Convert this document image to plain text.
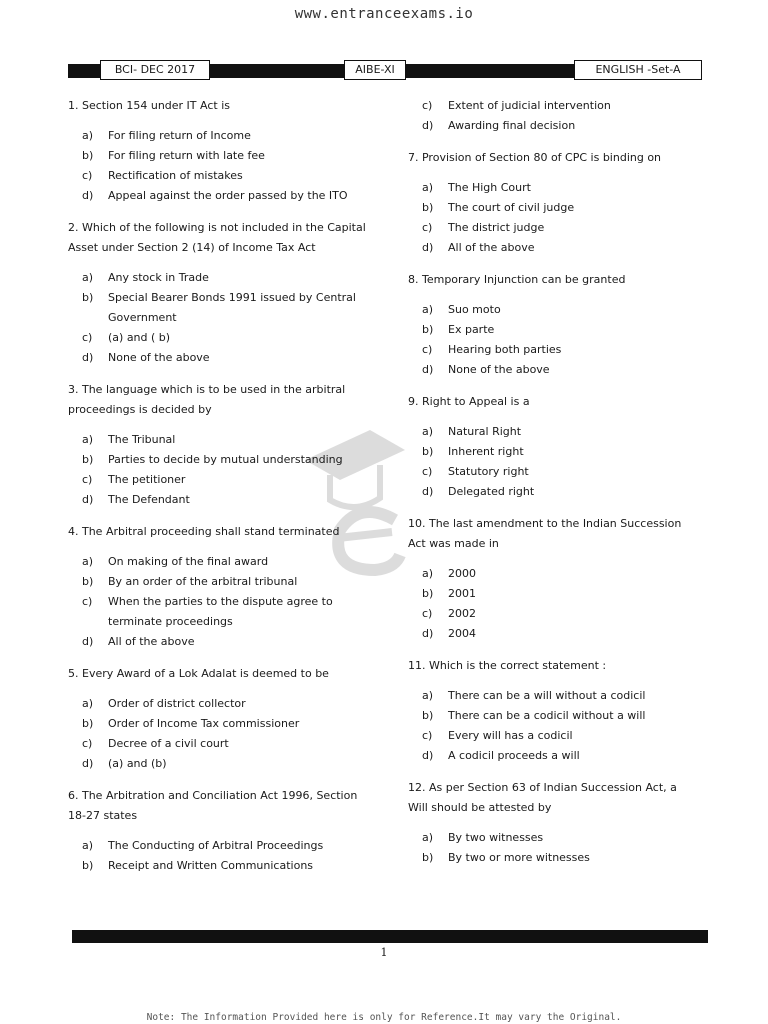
www.entranceexams.io
BCI- DEC 2017	AIBE-XI	ENGLISH -Set-A
1. Section 154 under IT Act is
a)	For filing return of Income
b)	For filing return with late fee
c)	Rectification of mistakes
d)	Appeal against the order passed by the ITO
2. Which of the following is not included in the Capital Asset under Section 2 (14) of Income Tax Act
a)	Any stock in Trade
b)	Special Bearer Bonds 1991 issued by Central Government
c)	(a) and ( b)
d)	None of the above
3. The language which is to be used in the arbitral proceedings is decided by
a)	The Tribunal
b)	Parties to decide by mutual understanding
c)	The petitioner
d)	The Defendant
4. The Arbitral proceeding shall stand terminated
a)	On making of the final award
b)	By an order of the arbitral tribunal
c)	When the parties to the dispute agree to terminate proceedings
d)	All of the above
5. Every Award of a Lok Adalat is deemed to be
a)	Order of district collector
b)	Order of Income Tax commissioner
c)	Decree of a civil court
d)	(a) and (b)
6. The Arbitration and Conciliation Act 1996, Section 18-27 states
a)	The Conducting of Arbitral Proceedings
b)	Receipt and Written Communications
c)	Extent of judicial intervention
d)	Awarding final decision
7. Provision of Section 80 of CPC is binding on
a)	The High Court
b)	The court of civil judge
c)	The district judge
d)	All of the above
8. Temporary Injunction can be granted
a)	Suo moto
b)	Ex parte
c)	Hearing both parties
d)	None of the above
9. Right to Appeal is a
a)	Natural Right
b)	Inherent right
c)	Statutory right
d)	Delegated right
10. The last amendment to the Indian Succession Act was made in
a)	2000
b)	2001
c)	2002
d)	2004
11. Which is the correct statement :
a)	There can be a will without a codicil
b)	There can be a codicil without a will
c)	Every will has a codicil
d)	A codicil proceeds a will
12. As per Section 63 of Indian Succession Act, a Will should be attested by
a)	By two witnesses
b)	By two or more witnesses
1
Note: The Information Provided here is only for Reference.It may vary the Original.
